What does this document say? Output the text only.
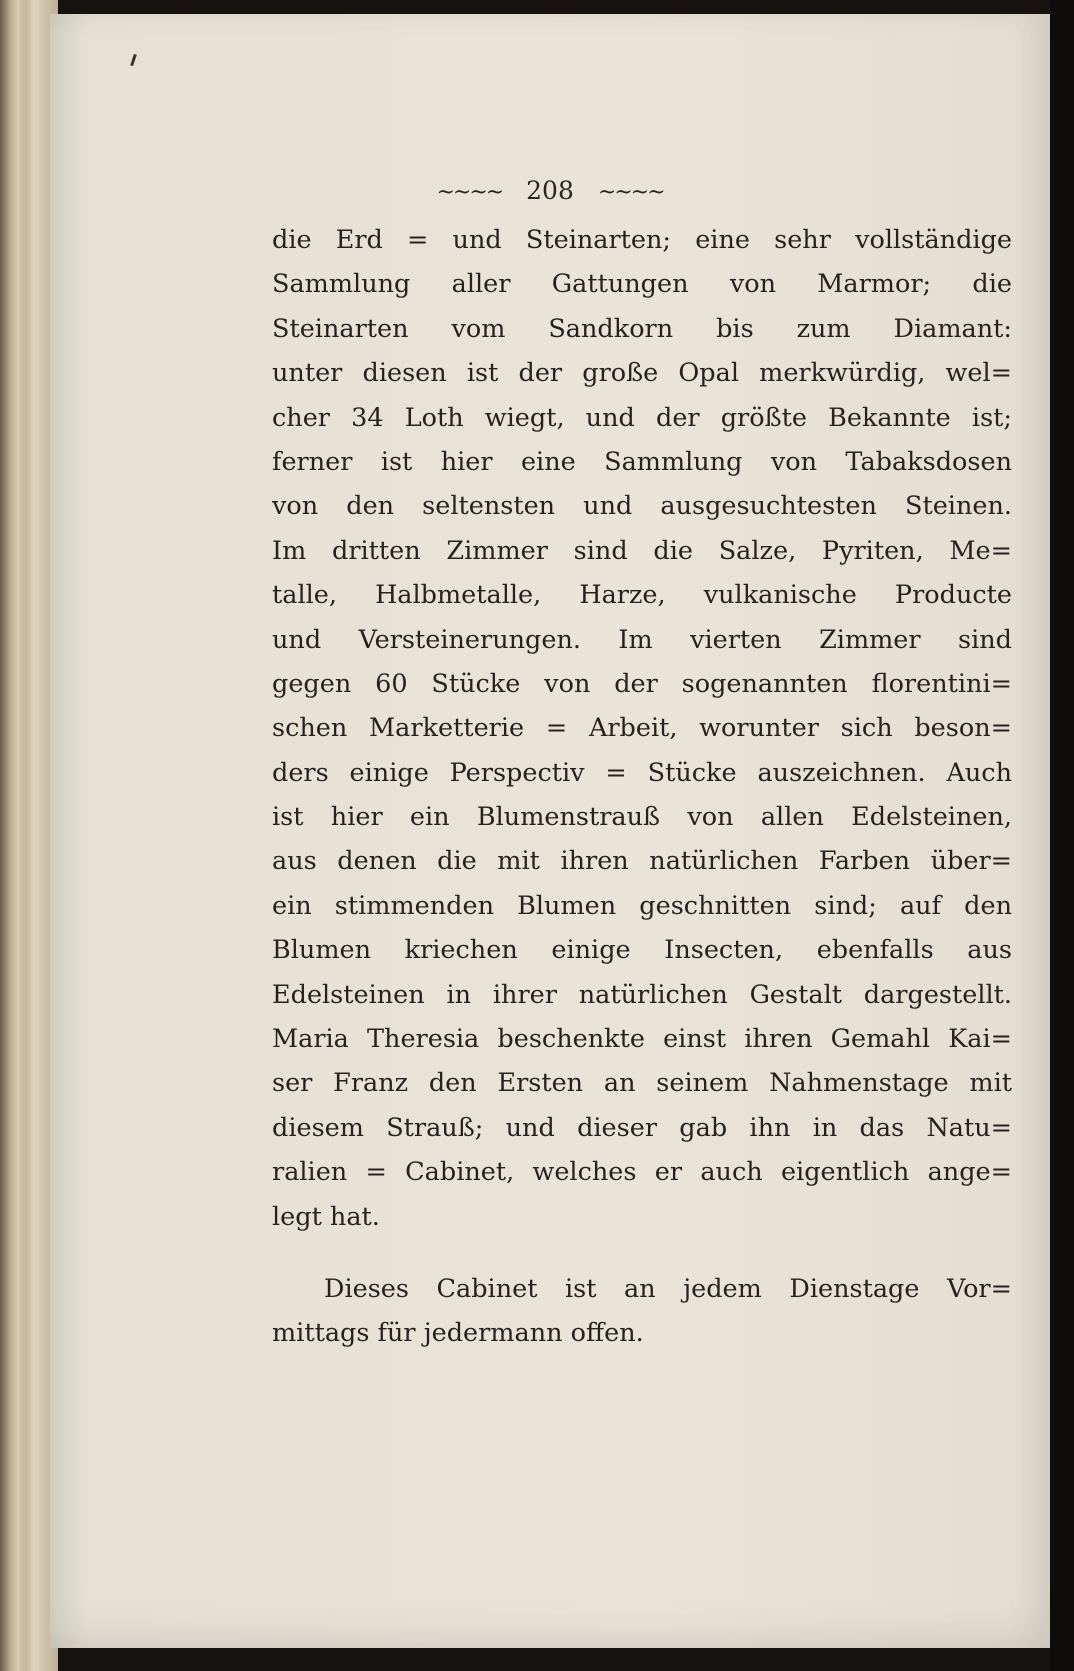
~~~~ 208 ~~~~
die Erd = und Steinarten; eine sehr vollständige
Sammlung aller Gattungen von Marmor; die
Steinarten vom Sandkorn bis zum Diamant:
unter diesen ist der große Opal merkwürdig, wel=
cher 34 Loth wiegt, und der größte Bekannte ist;
ferner ist hier eine Sammlung von Tabaksdosen
von den seltensten und ausgesuchtesten Steinen.
Im dritten Zimmer sind die Salze, Pyriten, Me=
talle, Halbmetalle, Harze, vulkanische Producte
und Versteinerungen. Im vierten Zimmer sind
gegen 60 Stücke von der sogenannten florentini=
schen Marketterie = Arbeit, worunter sich beson=
ders einige Perspectiv = Stücke auszeichnen. Auch
ist hier ein Blumenstrauß von allen Edelsteinen,
aus denen die mit ihren natürlichen Farben über=
ein stimmenden Blumen geschnitten sind; auf den
Blumen kriechen einige Insecten, ebenfalls aus
Edelsteinen in ihrer natürlichen Gestalt dargestellt.
Maria Theresia beschenkte einst ihren Gemahl Kai=
ser Franz den Ersten an seinem Nahmenstage mit
diesem Strauß; und dieser gab ihn in das Natu=
ralien = Cabinet, welches er auch eigentlich ange=
legt hat.
Dieses Cabinet ist an jedem Dienstage Vor=
mittags für jedermann offen.
